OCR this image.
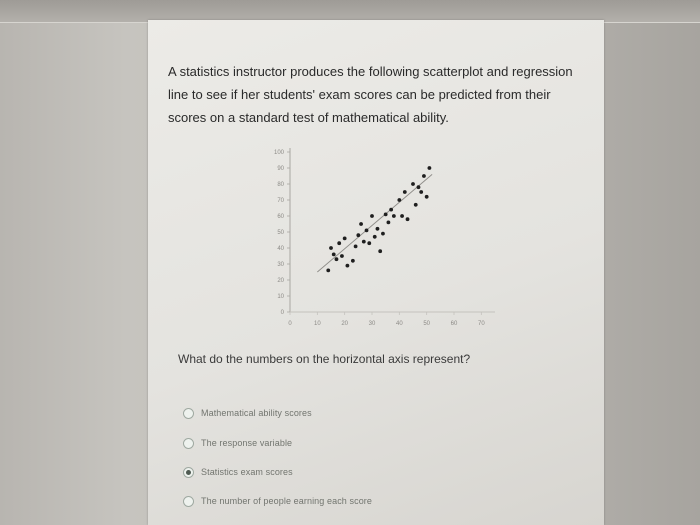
A statistics instructor produces the following scatterplot and regression line to see if her students' exam scores can be predicted from their scores on a standard test of mathematical ability.

100
90
80
70
60
50
40
30
20
10
0
0	10	20	30	40	50	60	70

What do the numbers on the horizontal axis represent?

Mathematical ability scores
The response variable
Statistics exam scores
The number of people earning each score
